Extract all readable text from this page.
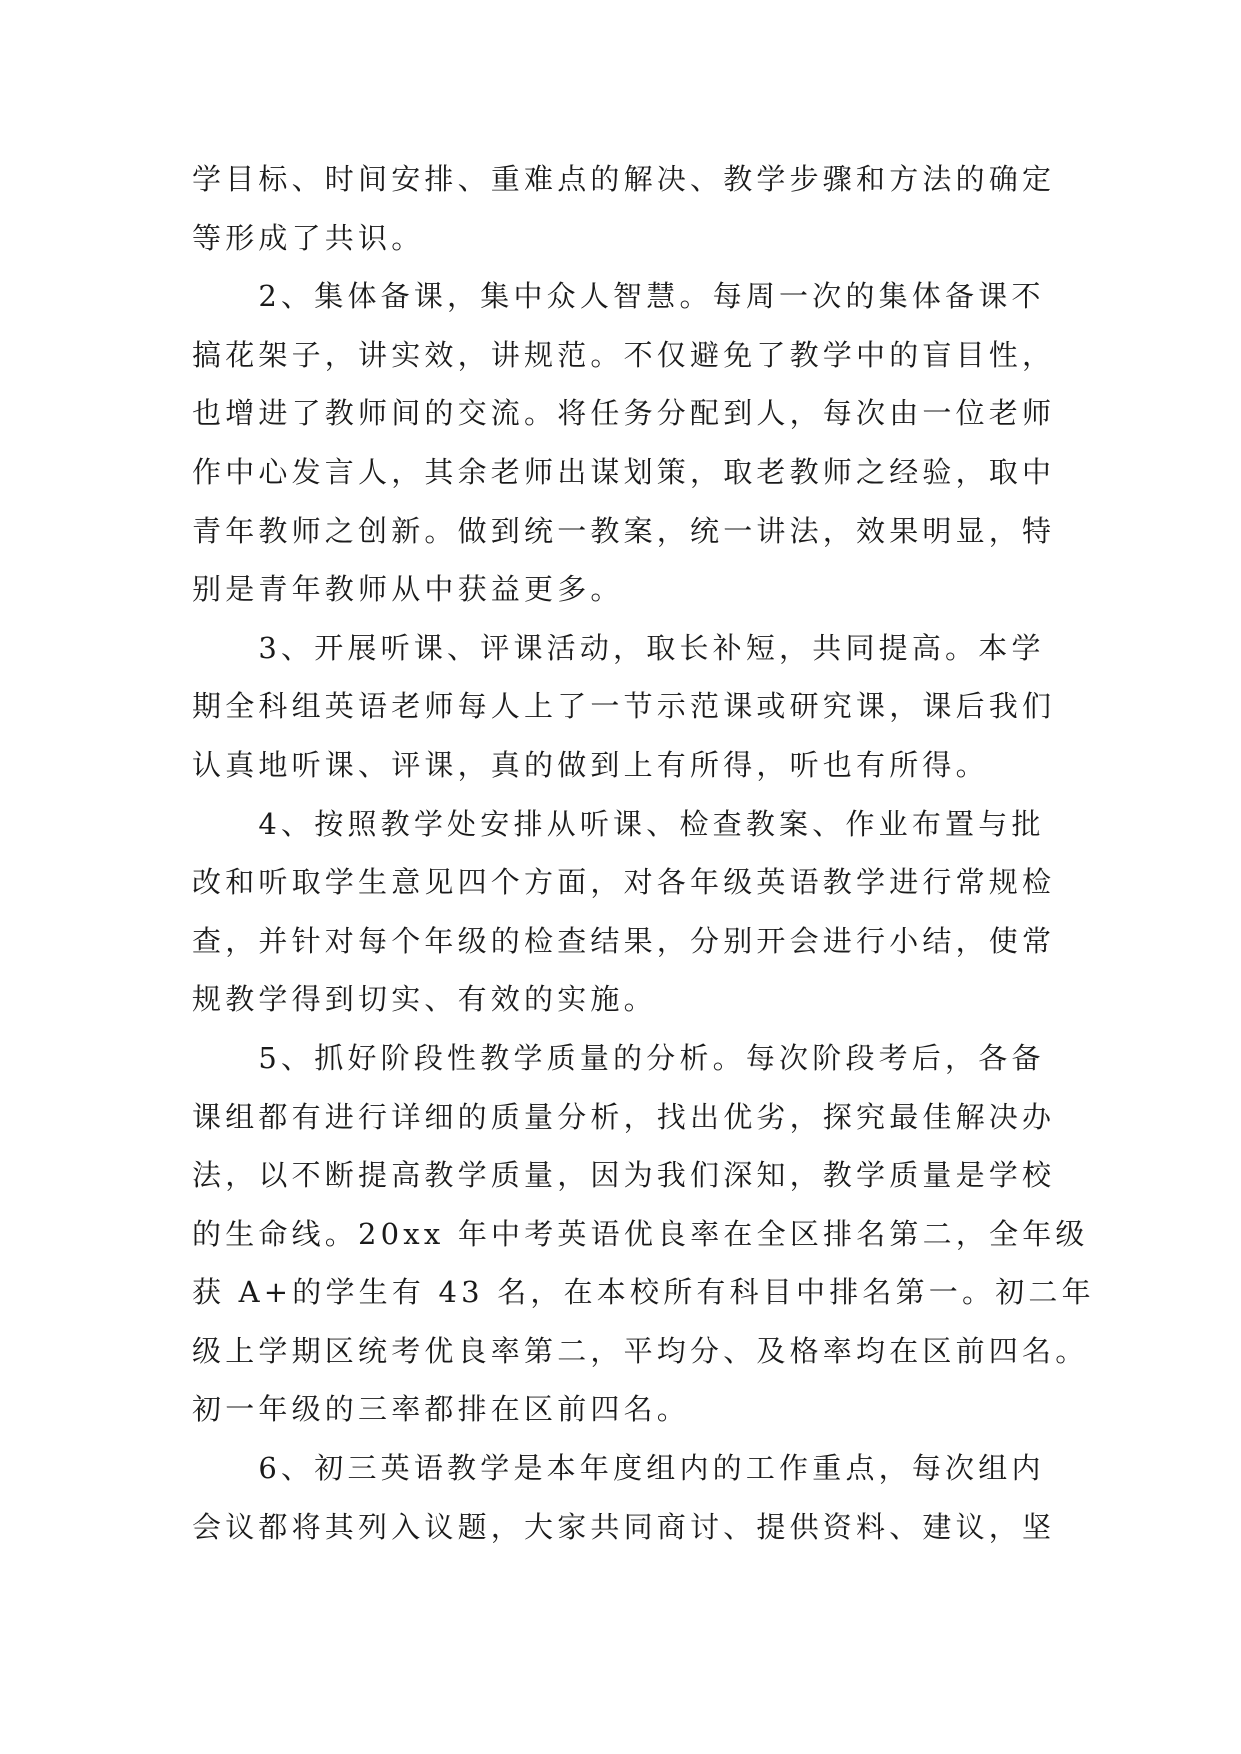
学目标、时间安排、重难点的解决、教学步骤和方法的确定
等形成了共识。
　　2、集体备课，集中众人智慧。每周一次的集体备课不
搞花架子，讲实效，讲规范。不仅避免了教学中的盲目性，
也增进了教师间的交流。将任务分配到人，每次由一位老师
作中心发言人，其余老师出谋划策，取老教师之经验，取中
青年教师之创新。做到统一教案，统一讲法，效果明显，特
别是青年教师从中获益更多。
　　3、开展听课、评课活动，取长补短，共同提高。本学
期全科组英语老师每人上了一节示范课或研究课，课后我们
认真地听课、评课，真的做到上有所得，听也有所得。
　　4、按照教学处安排从听课、检查教案、作业布置与批
改和听取学生意见四个方面，对各年级英语教学进行常规检
查，并针对每个年级的检查结果，分别开会进行小结，使常
规教学得到切实、有效的实施。
　　5、抓好阶段性教学质量的分析。每次阶段考后，各备
课组都有进行详细的质量分析，找出优劣，探究最佳解决办
法，以不断提高教学质量，因为我们深知，教学质量是学校
的生命线。20xx 年中考英语优良率在全区排名第二，全年级
获 A+的学生有 43 名，在本校所有科目中排名第一。初二年
级上学期区统考优良率第二，平均分、及格率均在区前四名。
初一年级的三率都排在区前四名。
　　6、初三英语教学是本年度组内的工作重点，每次组内
会议都将其列入议题，大家共同商讨、提供资料、建议，坚
